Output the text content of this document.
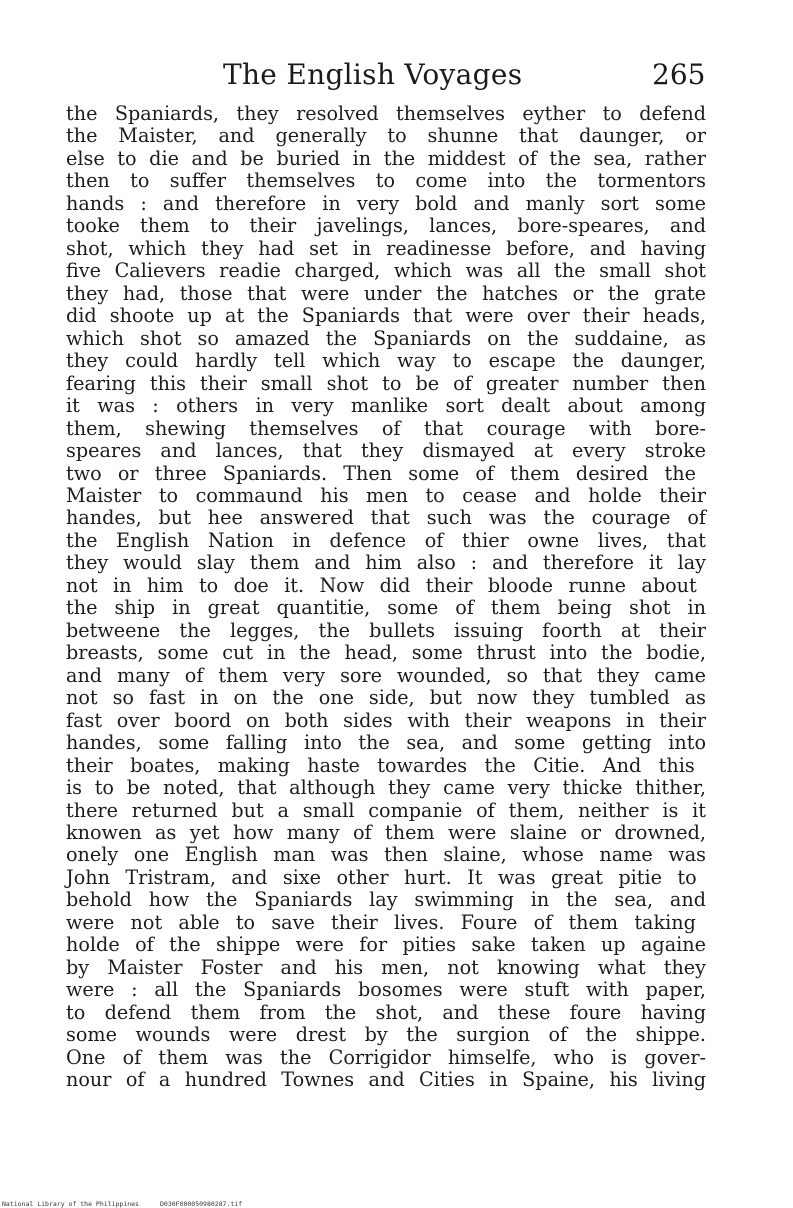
The English Voyages	265
the Spaniards, they resolved themselves eyther to defend
the Maister, and generally to shunne that daunger, or
else to die and be buried in the middest of the sea, rather
then to suffer themselves to come into the tormentors
hands : and therefore in very bold and manly sort some
tooke them to their javelings, lances, bore-speares, and
shot, which they had set in readinesse before, and having
five Calievers readie charged, which was all the small shot
they had, those that were under the hatches or the grate
did shoote up at the Spaniards that were over their heads,
which shot so amazed the Spaniards on the suddaine, as
they could hardly tell which way to escape the daunger,
fearing this their small shot to be of greater number then
it was : others in very manlike sort dealt about among
them, shewing themselves of that courage with bore-
speares and lances, that they dismayed at every stroke
two or three Spaniards. Then some of them desired the
Maister to commaund his men to cease and holde their
handes, but hee answered that such was the courage of
the English Nation in defence of thier owne lives, that
they would slay them and him also : and therefore it lay
not in him to doe it. Now did their bloode runne about
the ship in great quantitie, some of them being shot in
betweene the legges, the bullets issuing foorth at their
breasts, some cut in the head, some thrust into the bodie,
and many of them very sore wounded, so that they came
not so fast in on the one side, but now they tumbled as
fast over boord on both sides with their weapons in their
handes, some falling into the sea, and some getting into
their boates, making haste towardes the Citie. And this
is to be noted, that although they came very thicke thither,
there returned but a small companie of them, neither is it
knowen as yet how many of them were slaine or drowned,
onely one English man was then slaine, whose name was
John Tristram, and sixe other hurt. It was great pitie to
behold how the Spaniards lay swimming in the sea, and
were not able to save their lives. Foure of them taking
holde of the shippe were for pities sake taken up againe
by Maister Foster and his men, not knowing what they
were : all the Spaniards bosomes were stuft with paper,
to defend them from the shot, and these foure having
some wounds were drest by the surgion of the shippe.
One of them was the Corrigidor himselfe, who is gover-
nour of a hundred Townes and Cities in Spaine, his living
National Library of the Philippines	D030F000050980287.tif
